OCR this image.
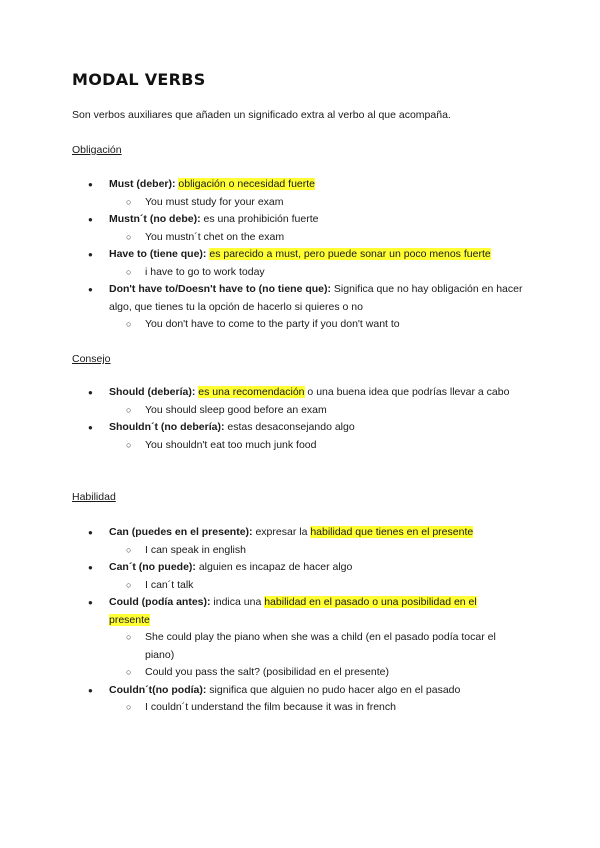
MODAL VERBS
Son verbos auxiliares que añaden un significado extra al verbo al que acompaña.
Obligación
● Must (deber): obligación o necesidad fuerte
○ You must study for your exam
● Mustn´t (no debe): es una prohibición fuerte
○ You mustn´t chet on the exam
● Have to (tiene que): es parecido a must, pero puede sonar un poco menos fuerte
○ i have to go to work today
● Don't have to/Doesn't have to (no tiene que): Significa que no hay obligación en hacer algo, que tienes tu la opción de hacerlo si quieres o no
○ You don't have to come to the party if you don't want to
Consejo
● Should (debería): es una recomendación o una buena idea que podrías llevar a cabo
○ You should sleep good before an exam
● Shouldn´t (no debería): estas desaconsejando algo
○ You shouldn't eat too much junk food
Habilidad
● Can (puedes en el presente): expresar la habilidad que tienes en el presente
○ I can speak in english
● Can´t (no puede): alguien es incapaz de hacer algo
○ I can´t talk
● Could (podía antes): indica una habilidad en el pasado o una posibilidad en el presente
○ She could play the piano when she was a child (en el pasado podía tocar el piano)
○ Could you pass the salt? (posibilidad en el presente)
● Couldn´t(no podía): significa que alguien no pudo hacer algo en el pasado
○ I couldn´t understand the film because it was in french
